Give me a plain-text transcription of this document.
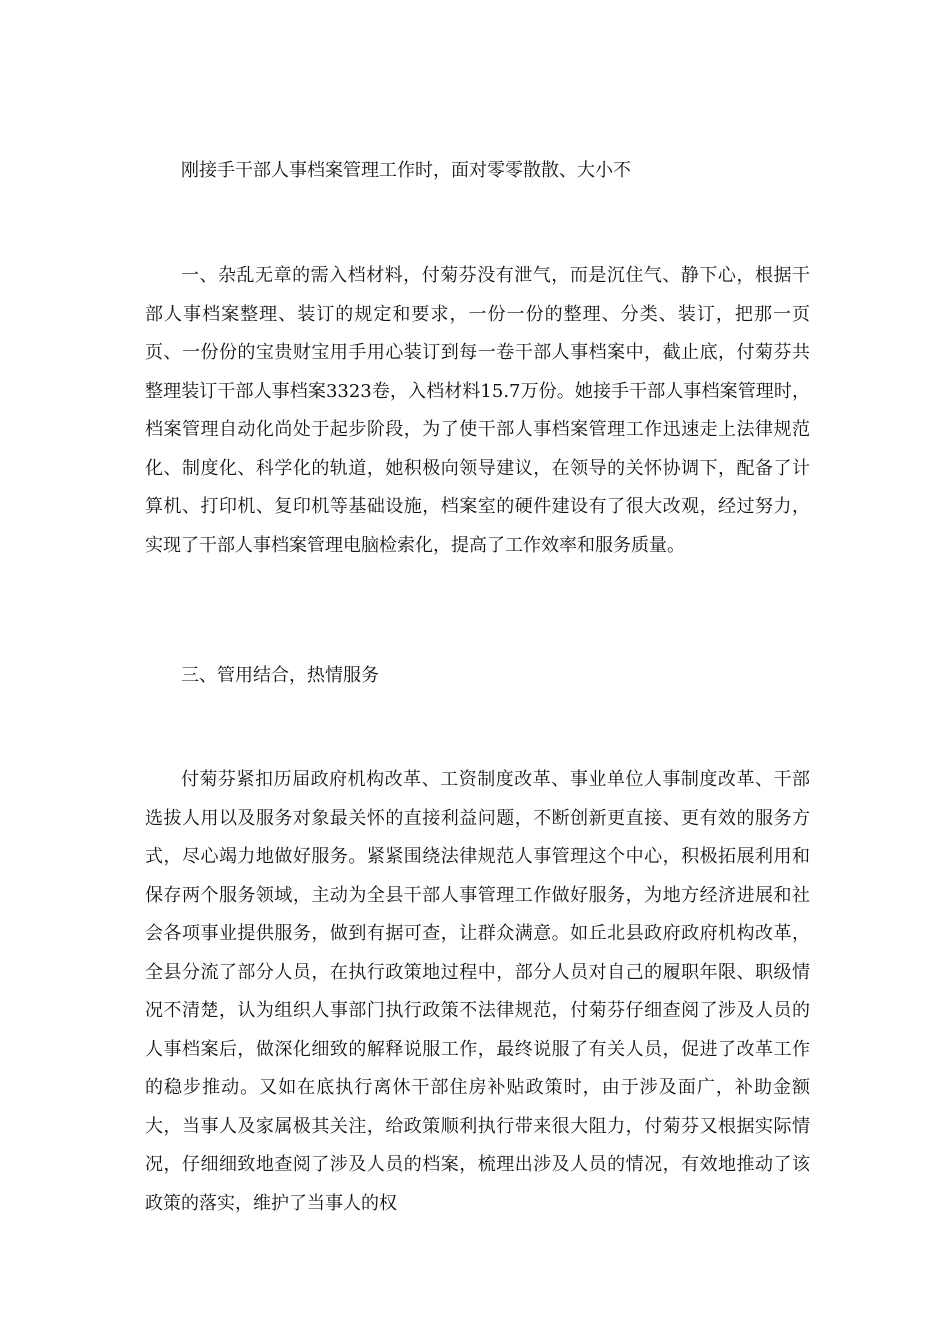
刚接手干部人事档案管理工作时，面对零零散散、大小不

一、杂乱无章的需入档材料，付菊芬没有泄气，而是沉住气、静下心，根据干部人事档案整理、装订的规定和要求，一份一份的整理、分类、装订，把那一页页、一份份的宝贵财宝用手用心装订到每一卷干部人事档案中，截止底，付菊芬共整理装订干部人事档案3323卷，入档材料15.7万份。她接手干部人事档案管理时，档案管理自动化尚处于起步阶段，为了使干部人事档案管理工作迅速走上法律规范化、制度化、科学化的轨道，她积极向领导建议，在领导的关怀协调下，配备了计算机、打印机、复印机等基础设施，档案室的硬件建设有了很大改观，经过努力，实现了干部人事档案管理电脑检索化，提高了工作效率和服务质量。

三、管用结合，热情服务

付菊芬紧扣历届政府机构改革、工资制度改革、事业单位人事制度改革、干部选拔人用以及服务对象最关怀的直接利益问题，不断创新更直接、更有效的服务方式，尽心竭力地做好服务。紧紧围绕法律规范人事管理这个中心，积极拓展利用和保存两个服务领域，主动为全县干部人事管理工作做好服务，为地方经济进展和社会各项事业提供服务，做到有据可查，让群众满意。如丘北县政府政府机构改革，全县分流了部分人员，在执行政策地过程中，部分人员对自己的履职年限、职级情况不清楚，认为组织人事部门执行政策不法律规范，付菊芬仔细查阅了涉及人员的人事档案后，做深化细致的解释说服工作，最终说服了有关人员，促进了改革工作的稳步推动。又如在底执行离休干部住房补贴政策时，由于涉及面广，补助金额大，当事人及家属极其关注，给政策顺利执行带来很大阻力，付菊芬又根据实际情况，仔细细致地查阅了涉及人员的档案，梳理出涉及人员的情况，有效地推动了该政策的落实，维护了当事人的权
